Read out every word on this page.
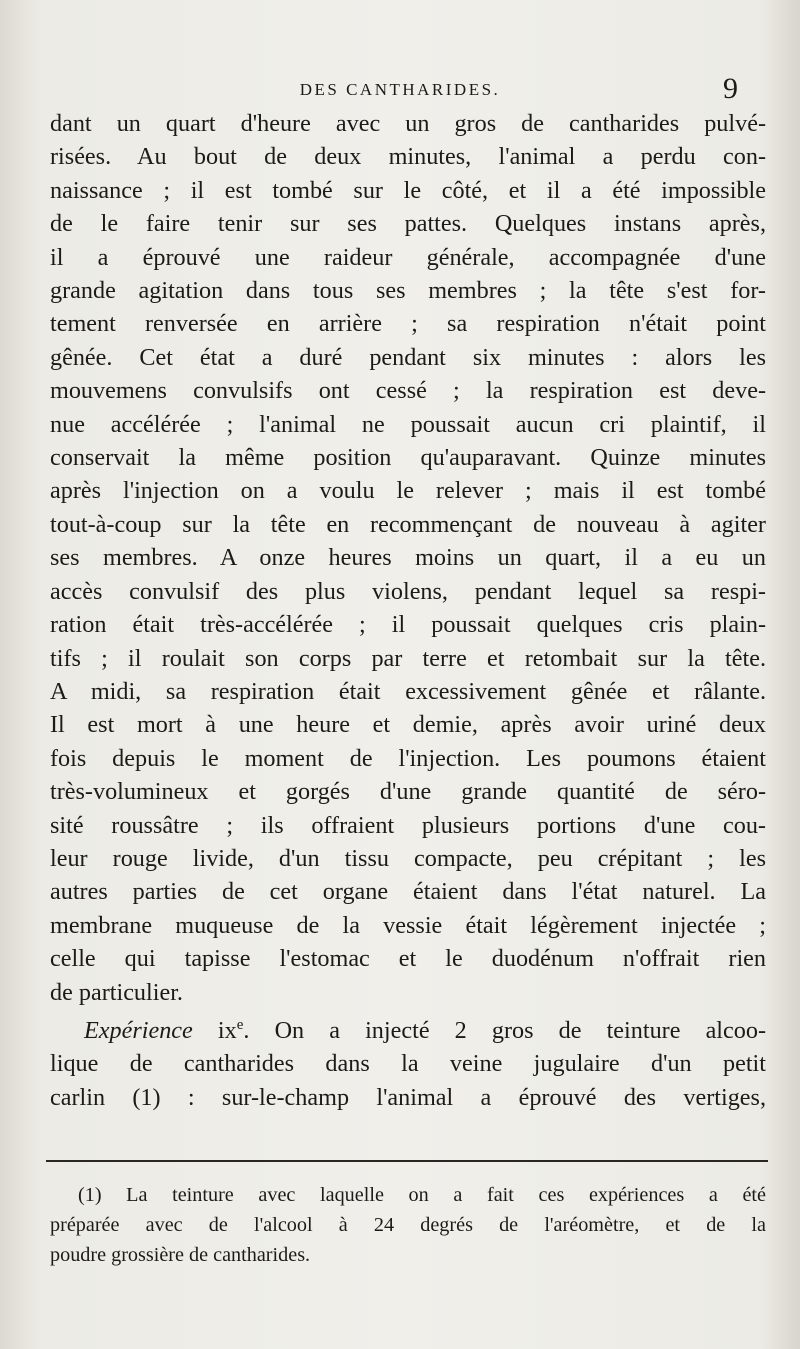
DES CANTHARIDES.	9
dant un quart d'heure avec un gros de cantharides pulvé-
risées. Au bout de deux minutes, l'animal a perdu con-
naissance ; il est tombé sur le côté, et il a été impossible
de le faire tenir sur ses pattes. Quelques instans après,
il a éprouvé une raideur générale, accompagnée d'une
grande agitation dans tous ses membres ; la tête s'est for-
tement renversée en arrière ; sa respiration n'était point
gênée. Cet état a duré pendant six minutes : alors les
mouvemens convulsifs ont cessé ; la respiration est deve-
nue accélérée ; l'animal ne poussait aucun cri plaintif, il
conservait la même position qu'auparavant. Quinze minutes
après l'injection on a voulu le relever ; mais il est tombé
tout-à-coup sur la tête en recommençant de nouveau à agiter
ses membres. A onze heures moins un quart, il a eu un
accès convulsif des plus violens, pendant lequel sa respi-
ration était très-accélérée ; il poussait quelques cris plain-
tifs ; il roulait son corps par terre et retombait sur la tête.
A midi, sa respiration était excessivement gênée et râlante.
Il est mort à une heure et demie, après avoir uriné deux
fois depuis le moment de l'injection. Les poumons étaient
très-volumineux et gorgés d'une grande quantité de séro-
sité roussâtre ; ils offraient plusieurs portions d'une cou-
leur rouge livide, d'un tissu compacte, peu crépitant ; les
autres parties de cet organe étaient dans l'état naturel. La
membrane muqueuse de la vessie était légèrement injectée ;
celle qui tapisse l'estomac et le duodénum n'offrait rien
de particulier.
Expérience $ix^e$. On a injecté 2 gros de teinture alcoo-
lique de cantharides dans la veine jugulaire d'un petit
carlin (1) : sur-le-champ l'animal a éprouvé des vertiges,
(1) La teinture avec laquelle on a fait ces expériences a été
préparée avec de l'alcool à 24 degrés de l'aréomètre, et de la
poudre grossière de cantharides.
